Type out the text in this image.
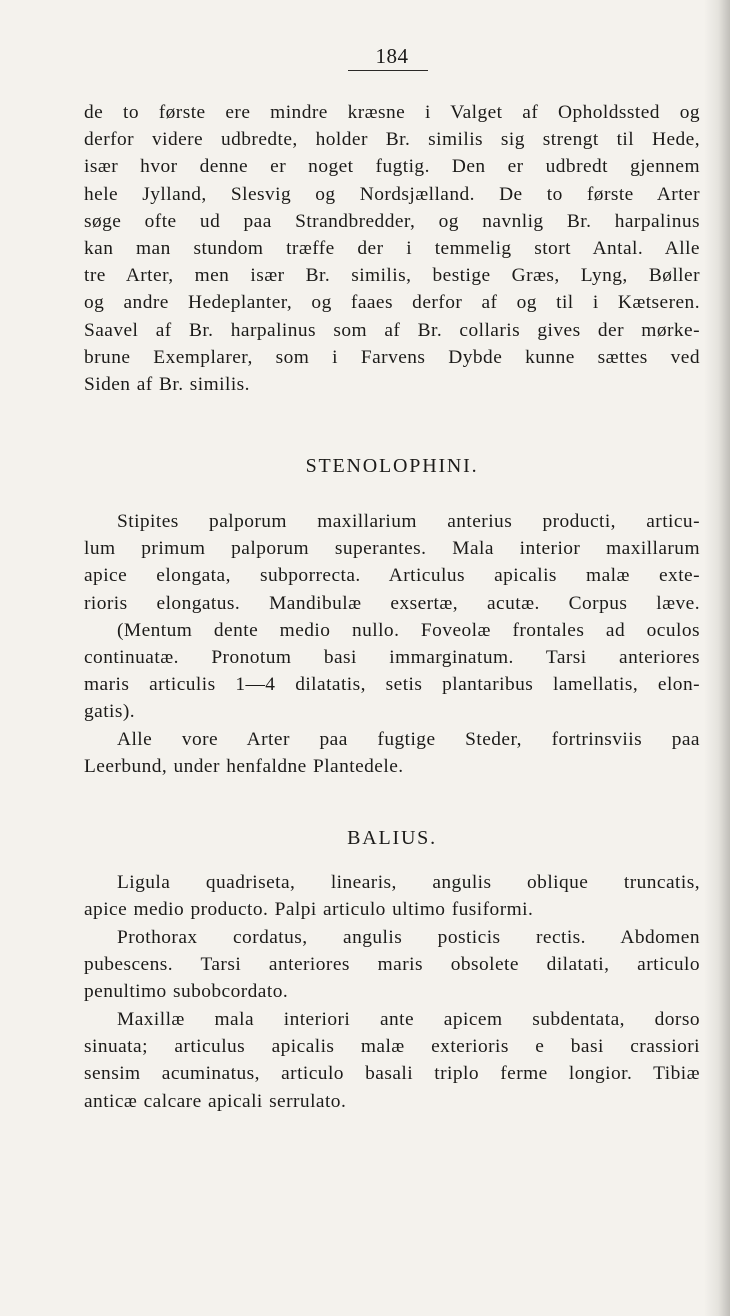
184
de to første ere mindre kræsne i Valget af Opholdssted og
derfor videre udbredte, holder Br. similis sig strengt til Hede,
især hvor denne er noget fugtig. Den er udbredt gjennem
hele Jylland, Slesvig og Nordsjælland. De to første Arter
søge ofte ud paa Strandbredder, og navnlig Br. harpalinus
kan man stundom træffe der i temmelig stort Antal. Alle
tre Arter, men især Br. similis, bestige Græs, Lyng, Bøller
og andre Hedeplanter, og faaes derfor af og til i Kætseren.
Saavel af Br. harpalinus som af Br. collaris gives der mørke-
brune Exemplarer, som i Farvens Dybde kunne sættes ved
Siden af Br. similis.
STENOLOPHINI.
Stipites palporum maxillarium anterius producti, articu-
lum primum palporum superantes. Mala interior maxillarum
apice elongata, subporrecta. Articulus apicalis malæ exte-
rioris elongatus. Mandibulæ exsertæ, acutæ. Corpus læve.
(Mentum dente medio nullo. Foveolæ frontales ad oculos
continuatæ. Pronotum basi immarginatum. Tarsi anteriores
maris articulis 1—4 dilatatis, setis plantaribus lamellatis, elon-
gatis).
Alle vore Arter paa fugtige Steder, fortrinsviis paa
Leerbund, under henfaldne Plantedele.
BALIUS.
Ligula quadriseta, linearis, angulis oblique truncatis,
apice medio producto. Palpi articulo ultimo fusiformi.
Prothorax cordatus, angulis posticis rectis. Abdomen
pubescens. Tarsi anteriores maris obsolete dilatati, articulo
penultimo subobcordato.
Maxillæ mala interiori ante apicem subdentata, dorso
sinuata; articulus apicalis malæ exterioris e basi crassiori
sensim acuminatus, articulo basali triplo ferme longior. Tibiæ
anticæ calcare apicali serrulato.
